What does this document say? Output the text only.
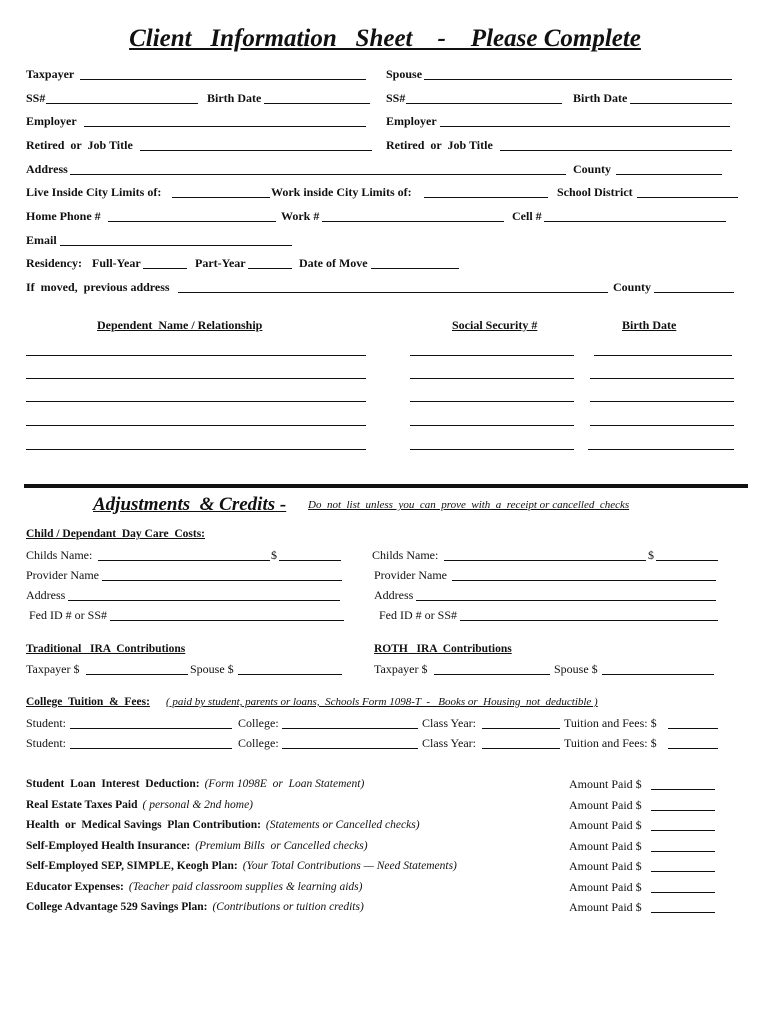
Client   Information   Sheet    -    Please Complete
Taxpayer	Spouse
SS#	Birth Date	SS#	Birth Date
Employer	Employer
Retired  or  Job Title	Retired  or  Job Title
Address	County
Live Inside City Limits of:	Work inside City Limits of:	School District
Home Phone #	Work #	Cell #
Email
Residency: Full-Year	Part-Year	Date of Move
If  moved,  previous address	County
Dependent  Name / Relationship	Social Security #	Birth Date
Adjustments  & Credits - Do  not  list  unless  you  can  prove  with  a  receipt or cancelled  checks
Child / Dependant  Day Care  Costs:
Childs Name:	$
Provider Name
Address
Fed ID # or SS#
Childs Name:	$
Provider Name
Address
Fed ID # or SS#
Traditional   IRA  Contributions	ROTH   IRA  Contributions
Taxpayer $	Spouse $	Taxpayer $	Spouse $
College  Tuition  &  Fees: ( paid by student, parents or loans,  Schools Form 1098-T  -   Books or  Housing  not  deductible )
Student:	College:	Class Year:	Tuition and Fees: $
Student:	College:	Class Year:	Tuition and Fees: $
Student  Loan  Interest  Deduction: (Form 1098E  or  Loan Statement)	Amount Paid $
Real Estate Taxes Paid ( personal & 2nd home)	Amount Paid $
Health  or  Medical Savings  Plan Contribution: (Statements or Cancelled checks)	Amount Paid $
Self-Employed Health Insurance: (Premium Bills  or Cancelled checks)	Amount Paid $
Self-Employed SEP, SIMPLE, Keogh Plan: (Your Total Contributions — Need Statements)	Amount Paid $
Educator Expenses: (Teacher paid classroom supplies & learning aids)	Amount Paid $
College Advantage 529 Savings Plan: (Contributions or tuition credits)	Amount Paid $
